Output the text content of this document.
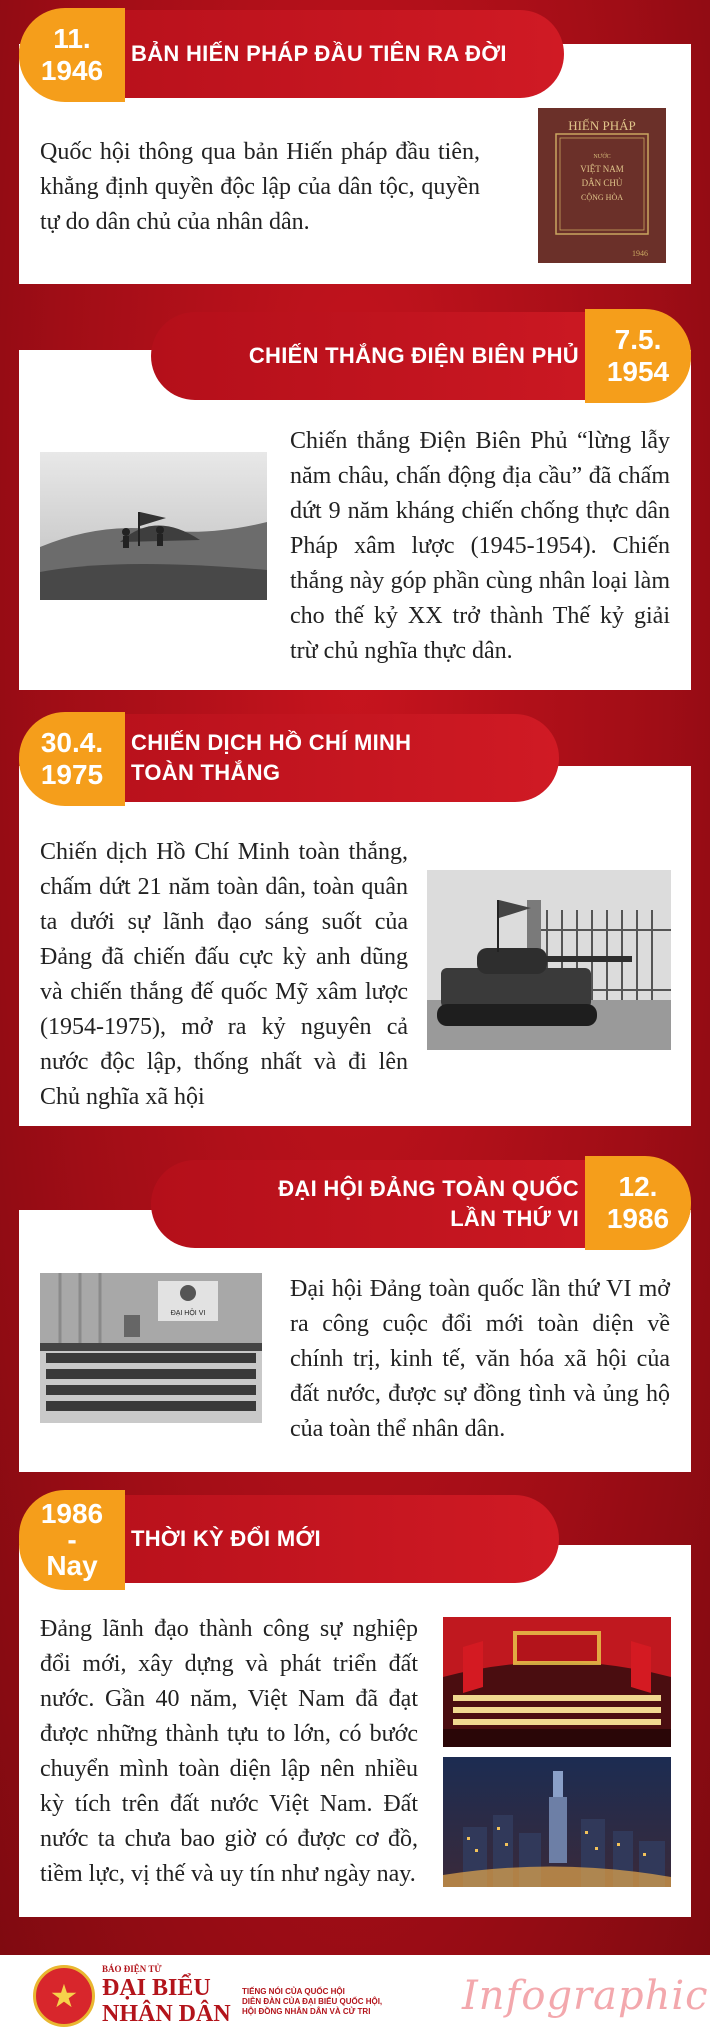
BẢN HIẾN PHÁP ĐẦU TIÊN RA ĐỜI
11.
1946
Quốc hội thông qua bản Hiến pháp đầu tiên, khẳng định quyền độc lập của dân tộc, quyền tự do dân chủ của nhân dân.
HIẾN PHÁP
NƯỚC
VIỆT NAM
DÂN CHỦ
CỘNG HÒA
1946
CHIẾN THẮNG ĐIỆN BIÊN PHỦ
7.5.
1954
Chiến thắng Điện Biên Phủ “lừng lẫy năm châu, chấn động địa cầu” đã chấm dứt 9 năm kháng chiến chống thực dân Pháp xâm lược (1945-1954). Chiến thắng này góp phần cùng nhân loại làm cho thế kỷ XX trở thành Thế kỷ giải trừ chủ nghĩa thực dân.
CHIẾN DỊCH HỒ CHÍ MINH
TOÀN THẮNG
30.4.
1975
Chiến dịch Hồ Chí Minh toàn thắng, chấm dứt 21 năm toàn dân, toàn quân ta dưới sự lãnh đạo sáng suốt của Đảng đã chiến đấu cực kỳ anh dũng và chiến thắng đế quốc Mỹ xâm lược (1954-1975), mở ra kỷ nguyên cả nước độc lập, thống nhất và đi lên Chủ nghĩa xã hội
ĐẠI HỘI ĐẢNG TOÀN QUỐC
LẦN THỨ VI
12.
1986
ĐẠI HỘI VI
Đại hội Đảng toàn quốc lần thứ VI mở ra công cuộc đổi mới toàn diện về chính trị, kinh tế, văn hóa xã hội của đất nước, được sự đồng tình và ủng hộ của toàn thể nhân dân.
THỜI KỲ ĐỔI MỚI
1986
-
Nay
Đảng lãnh đạo thành công sự nghiệp đổi mới, xây dựng và phát triển đất nước. Gần 40 năm, Việt Nam đã đạt được những thành tựu to lớn, có bước chuyển mình toàn diện lập nên nhiều kỳ tích trên đất nước Việt Nam. Đất nước ta chưa bao giờ có được cơ đồ, tiềm lực, vị thế và uy tín như ngày nay.
★
BÁO ĐIỆN TỬ
ĐẠI BIỂU
NHÂN DÂN
TIẾNG NÓI CỦA QUỐC HỘI
DIỄN ĐÀN CỦA ĐẠI BIỂU QUỐC HỘI,
HỘI ĐỒNG NHÂN DÂN VÀ CỬ TRI	Infographic
